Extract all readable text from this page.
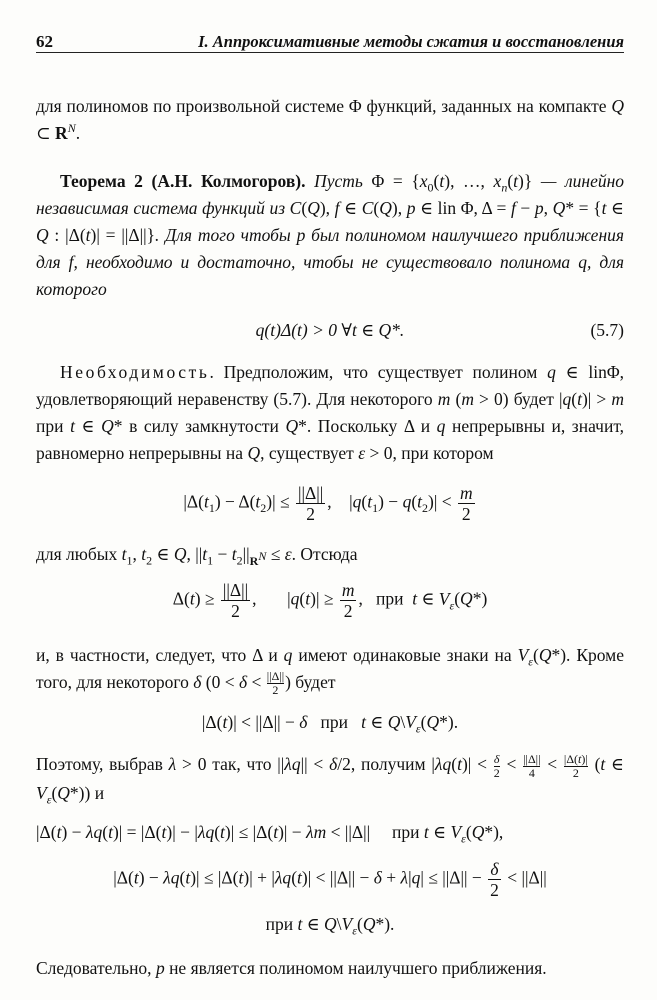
62	I. Аппроксимативные методы сжатия и восстановления

для полиномов по произвольной системе Φ функций, заданных на компакте Q ⊂ $R^N$.

Теорема 2 (А.Н. Колмогоров). Пусть $\Phi = \{x_0(t)$, …, $x_n(t)$} — линейно независимая система функций из C(Q), f ∈ C(Q), p ∈ lin Φ, Δ = f − p, Q* = {t ∈ Q : |Δ(t)| = ||Δ||}. Для того чтобы p был полиномом наилучшего приближения для f, необходимо и достаточно, чтобы не существовало полинома q, для которого

q(t)Δ(t) > 0 ∀t ∈ Q*.	(5.7)

Необходимость. Предположим, что существует полином q ∈ linΦ, удовлетворяющий неравенству (5.7). Для некоторого m (m > 0) будет |q(t)| > m при t ∈ Q* в силу замкнутости Q*. Поскольку Δ и q непрерывны и, значит, равномерно непрерывны на Q, существует ε > 0, при котором

$|\Delta(t_1) - \Delta(t_2)| \le \frac{||\Delta||}{2}$ ,    $|q(t_1) - q(t_2)| < \frac{m}{2}$

для любых $t_1$, $t_2$ ∈ Q, $||t_1 - t_2||_{R^N} \le \varepsilon$. Отсюда

$\Delta(t) \ge \frac{||\Delta||}{2}$ ,       $|q(t)| \ge \frac{m}{2}$ ,   при t ∈ $V_\varepsilon(Q*)$

и, в частности, следует, что Δ и q имеют одинаковые знаки на $V_\varepsilon(Q*)$. Кроме того, для некоторого δ ($0 < \delta < \frac{||\Delta||}{2}$ ) будет

|Δ(t)| < ||Δ|| − δ при t ∈ $Q\backslash V_\varepsilon(Q*)$.

Поэтому, выбрав λ > 0 так, что ||λq|| < δ/2, получим $|\lambda q(t)| < \frac{\delta}{2} < \frac{||\Delta||}{4} < \frac{|\Delta(t)|}{2} (t$ ∈ $V_\varepsilon(Q*)$) и

|Δ(t) − λq(t)| = |Δ(t)| − |λq(t)| ≤ |Δ(t)| − λm < ||Δ||     при t ∈ $V_\varepsilon(Q*)$,
$|\Delta(t) - \lambda q(t)| \le |\Delta(t)| + |\lambda q(t)| < ||\Delta|| - \delta + \lambda|q| \le ||\Delta|| - \frac{\delta}{2} < ||\Delta||$
при t ∈ $Q\backslash V_\varepsilon(Q*)$.

Следовательно, p не является полиномом наилучшего приближения.
